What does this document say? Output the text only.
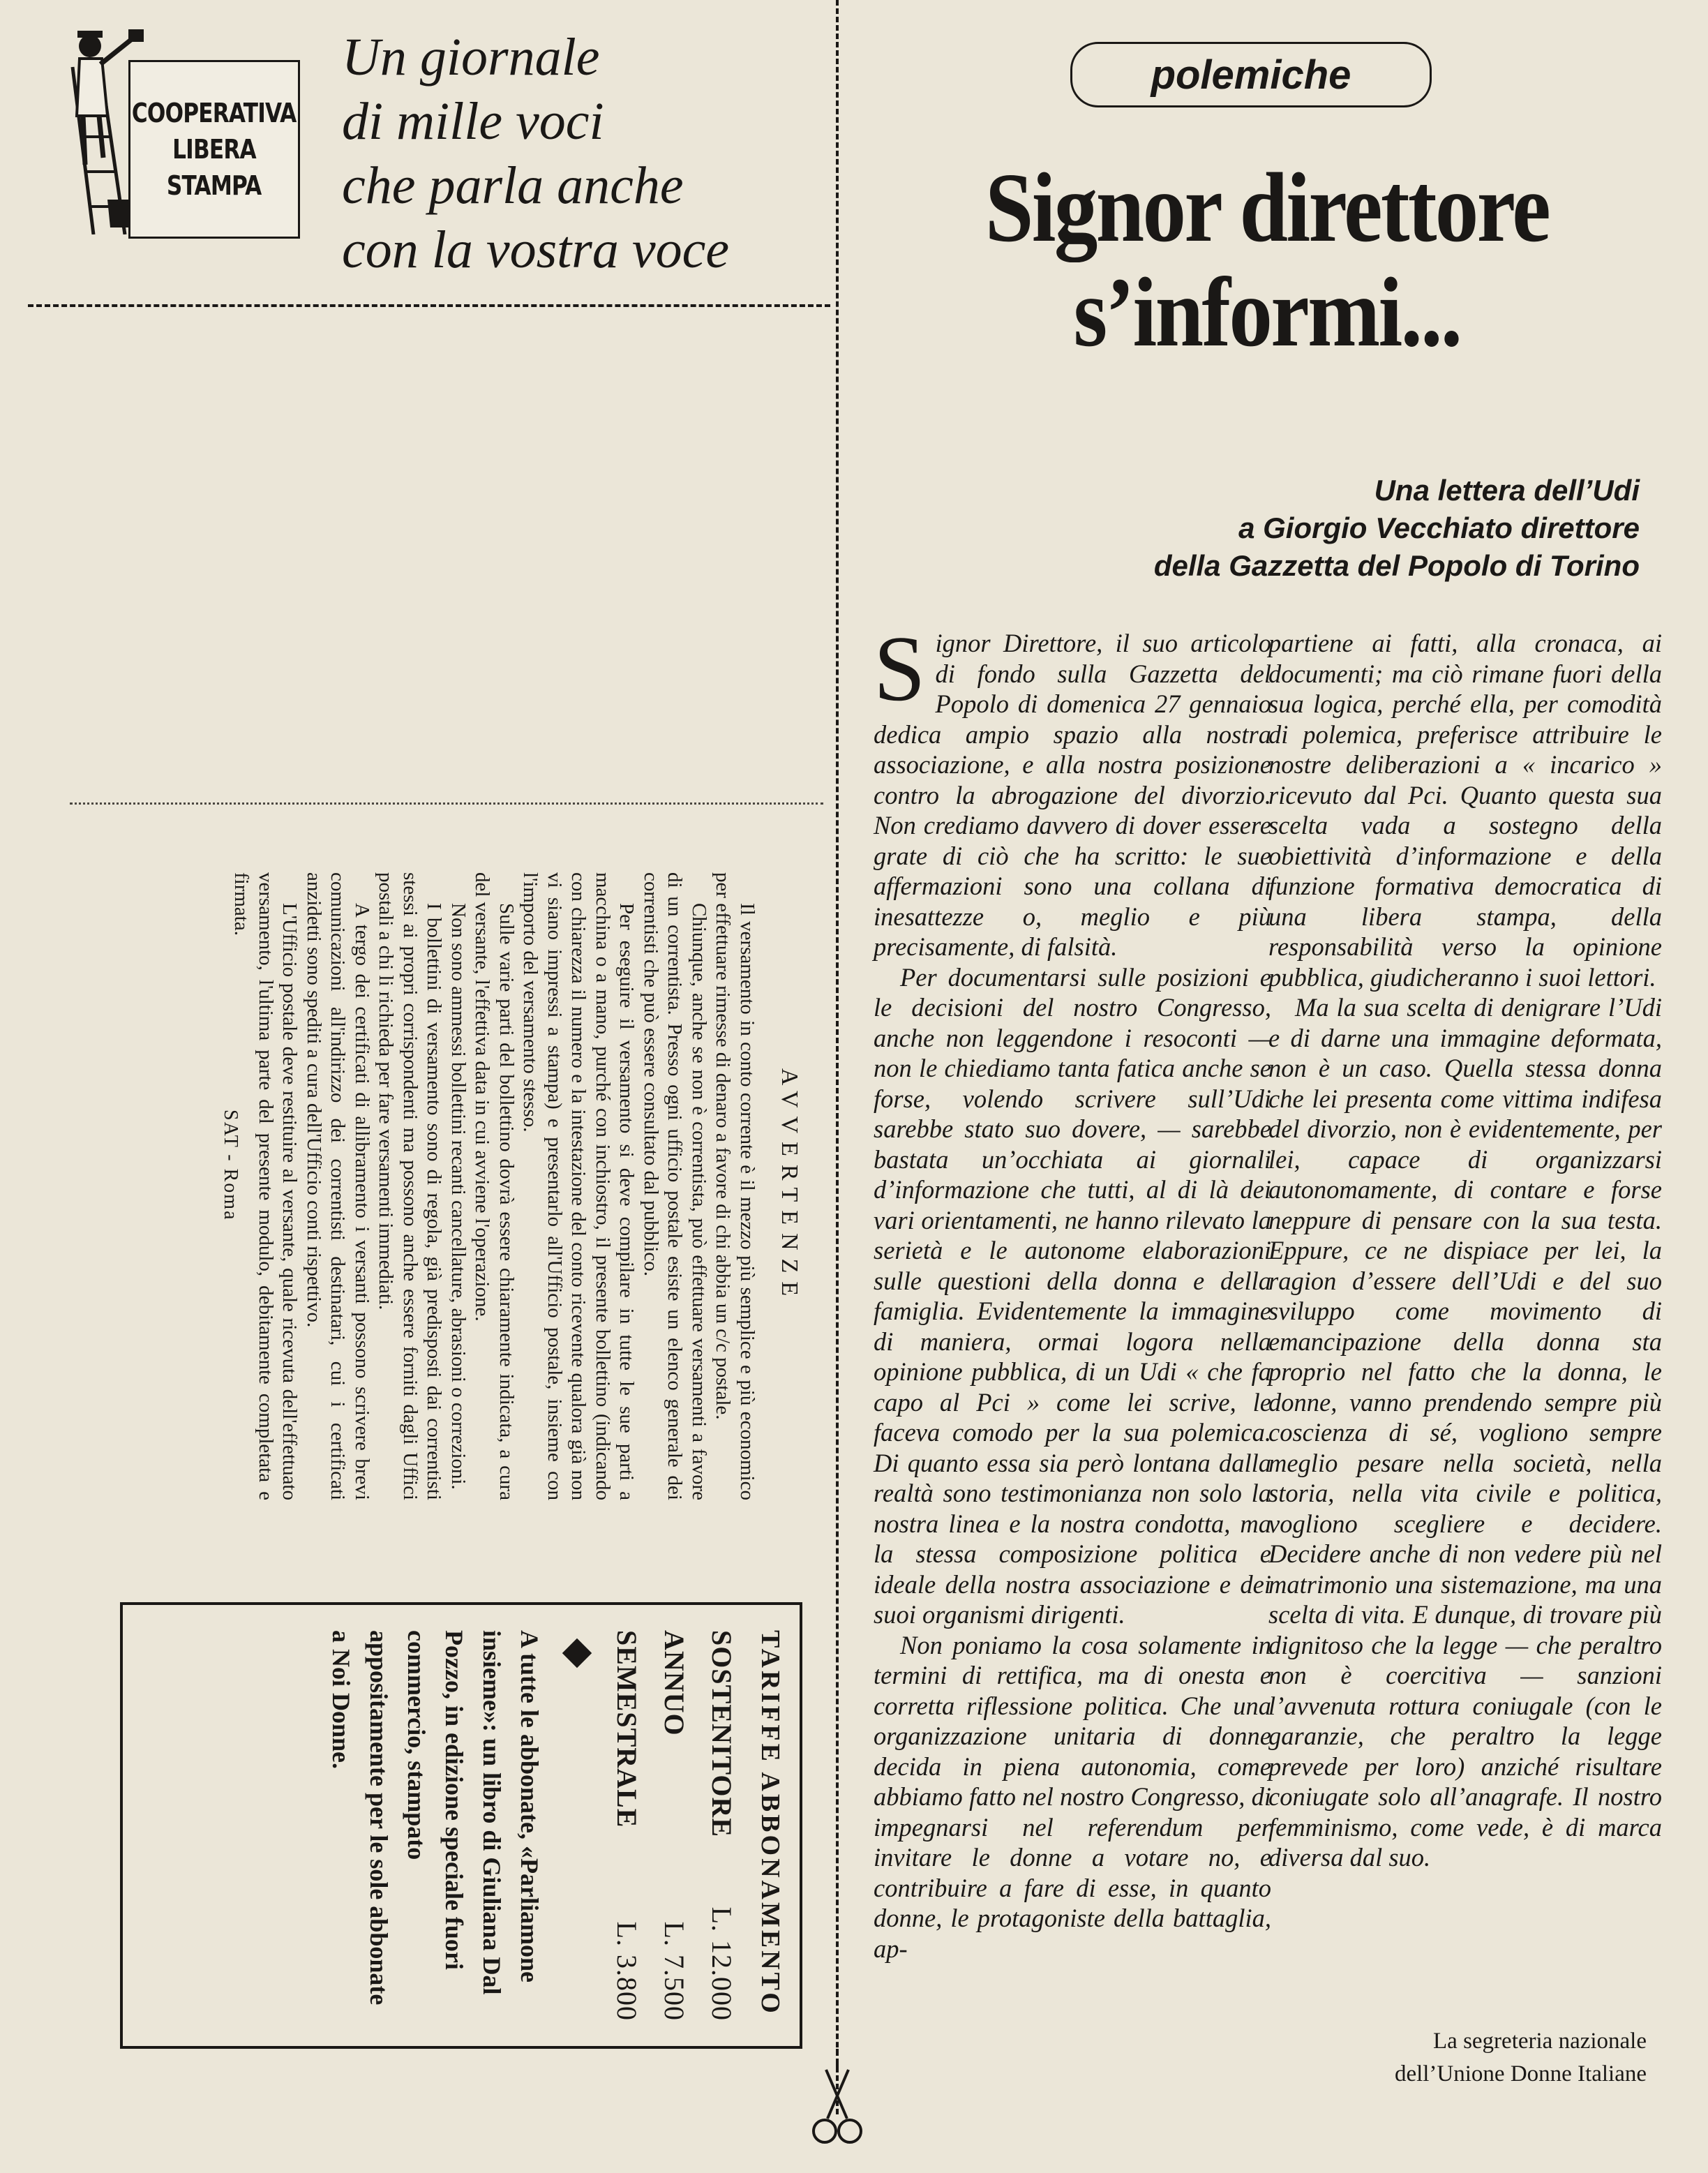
COOPERATIVA
LIBERA
STAMPA
Un giornale
di mille voci
che parla anche
con la vostra voce
AVVERTENZE

Il versamento in conto corrente è il mezzo più semplice e più economico per effettuare rimesse di denaro a favore di chi abbia un c/c postale.

Chiunque, anche se non è correntista, può effettuare versamenti a favore di un correntista. Presso ogni ufficio postale esiste un elenco generale dei correntisti che può essere consultato dal pubblico.

Per eseguire il versamento si deve compilare in tutte le sue parti a macchina o a mano, purché con inchiostro, il presente bollettino (indicando con chiarezza il numero e la intestazione del conto ricevente qualora già non vi siano impressi a stampa) e presentarlo all'Ufficio postale, insieme con l'importo del versamento stesso.

Sulle varie parti del bollettino dovrà essere chiaramente indicata, a cura del versante, l'effettiva data in cui avviene l'operazione.

Non sono ammessi bollettini recanti cancellature, abrasioni o correzioni.

I bollettini di versamento sono di regola, già predisposti dai correntisti stessi ai propri corrispondenti ma possono anche essere forniti dagli Uffici postali a chi li richieda per fare versamenti immediati.

A tergo dei certificati di allibramento i versanti possono scrivere brevi comunicazioni all'indirizzo dei correntisti destinatari, cui i certificati anzidetti sono spediti a cura dell'Ufficio conti rispettivo.

L'Ufficio postale deve restituire al versante, quale ricevuta dell'effettuato versamento, l'ultima parte del presente modulo, debitamente completata e firmata.

SAT - Roma
TARIFFE ABBONAMENTO
SOSTENITORE
L. 12.000
ANNUO
L. 7.500
SEMESTRALE
L. 3.800
A tutte le abbonate, «Parliamone insieme»: un libro di Giuliana Dal Pozzo, in edizione speciale fuori commercio, stampato appositamente per le sole abbonate a Noi Donne.
polemiche
Signor direttore
s’informi...
Una lettera dell’Udi
a Giorgio Vecchiato direttore
della Gazzetta del Popolo di Torino

Signor Direttore, il suo articolo di fondo sulla Gazzetta del Popolo di domenica 27 gennaio dedica ampio spazio alla nostra associazione, e alla nostra posizione contro la abrogazione del divorzio. Non crediamo davvero di dover essere grate di ciò che ha scritto: le sue affermazioni sono una collana di inesattezze o, meglio e più precisamente, di falsità.

Per documentarsi sulle posizioni e le decisioni del nostro Congresso, anche non leggendone i resoconti — non le chiediamo tanta fatica anche se forse, volendo scrivere sull’Udi sarebbe stato suo dovere, — sarebbe bastata un’occhiata ai giornali d’informazione che tutti, al di là dei vari orientamenti, ne hanno rilevato la serietà e le autonome elaborazioni sulle questioni della donna e della famiglia. Evidentemente la immagine di maniera, ormai logora nella opinione pubblica, di un Udi « che fa capo al Pci » come lei scrive, le faceva comodo per la sua polemica. Di quanto essa sia però lontana dalla realtà sono testimonianza non solo la nostra linea e la nostra condotta, ma la stessa composizione politica e ideale della nostra associazione e dei suoi organismi dirigenti.

Non poniamo la cosa solamente in termini di rettifica, ma di onesta e corretta riflessione politica. Che una organizzazione unitaria di donne decida in piena autonomia, come abbiamo fatto nel nostro Congresso, di impegnarsi nel referendum per invitare le donne a votare no, e contribuire a fare di esse, in quanto donne, le protagoniste della battaglia, ap-

partiene ai fatti, alla cronaca, ai documenti; ma ciò rimane fuori della sua logica, perché ella, per comodità di polemica, preferisce attribuire le nostre deliberazioni a « incarico » ricevuto dal Pci. Quanto questa sua scelta vada a sostegno della obiettività d’informazione e della funzione formativa democratica di una libera stampa, della responsabilità verso la opinione pubblica, giudicheranno i suoi lettori.

Ma la sua scelta di denigrare l’Udi e di darne una immagine deformata, non è un caso. Quella stessa donna che lei presenta come vittima indifesa del divorzio, non è evidentemente, per lei, capace di organizzarsi autonomamente, di contare e forse neppure di pensare con la sua testa. Eppure, ce ne dispiace per lei, la ragion d’essere dell’Udi e del suo sviluppo come movimento di emancipazione della donna sta proprio nel fatto che la donna, le donne, vanno prendendo sempre più coscienza di sé, vogliono sempre meglio pesare nella società, nella storia, nella vita civile e politica, vogliono scegliere e decidere. Decidere anche di non vedere più nel matrimonio una sistemazione, ma una scelta di vita. E dunque, di trovare più dignitoso che la legge — che peraltro non è coercitiva — sanzioni l’avvenuta rottura coniugale (con le garanzie, che peraltro la legge prevede per loro) anziché risultare coniugate solo all’anagrafe. Il nostro femminismo, come vede, è di marca diversa dal suo.

La segreteria nazionale
dell’Unione Donne Italiane
